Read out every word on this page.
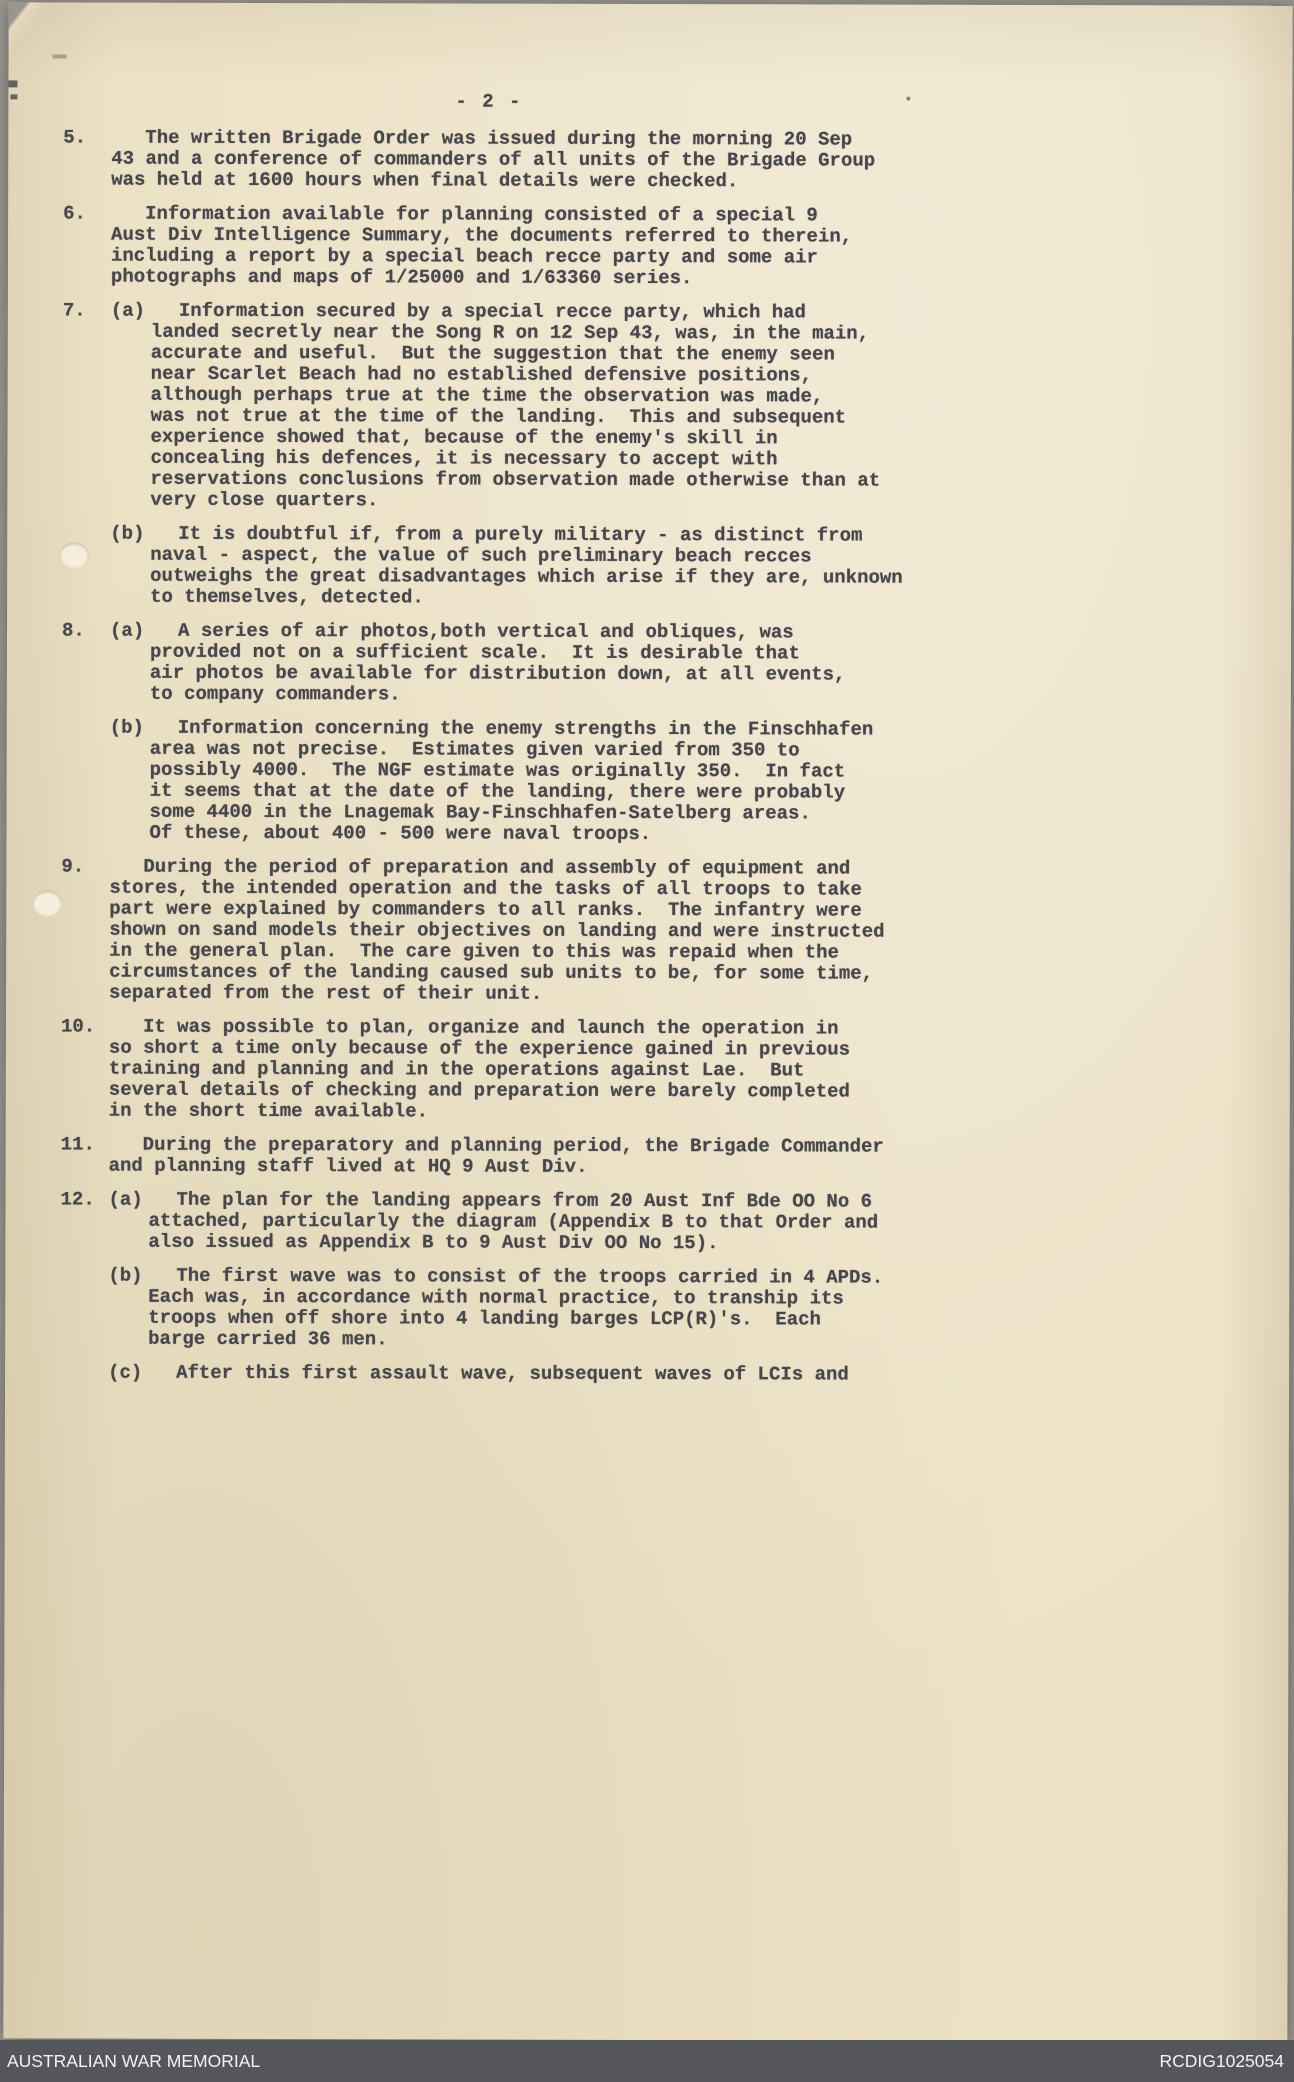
- 2 -
5.	The written Brigade Order was issued during the morning 20 Sep
43 and a conference of commanders of all units of the Brigade Group
was held at 1600 hours when final details were checked.
6.	Information available for planning consisted of a special 9
Aust Div Intelligence Summary, the documents referred to therein,
including a report by a special beach recce party and some air
photographs and maps of 1/25000 and 1/63360 series.
7.	(a)	Information secured by a special recce party, which had
landed secretly near the Song R on 12 Sep 43, was, in the main,
accurate and useful.  But the suggestion that the enemy seen
near Scarlet Beach had no established defensive positions,
although perhaps true at the time the observation was made,
was not true at the time of the landing.  This and subsequent
experience showed that, because of the enemy's skill in
concealing his defences, it is necessary to accept with
reservations conclusions from observation made otherwise than at
very close quarters.
(b)	It is doubtful if, from a purely military - as distinct from
naval - aspect, the value of such preliminary beach recces
outweighs the great disadvantages which arise if they are, unknown
to themselves, detected.
8.	(a)	A series of air photos,both vertical and obliques, was
provided not on a sufficient scale.  It is desirable that
air photos be available for distribution down, at all events,
to company commanders.
(b)	Information concerning the enemy strengths in the Finschhafen
area was not precise.  Estimates given varied from 350 to
possibly 4000.  The NGF estimate was originally 350.  In fact
it seems that at the date of the landing, there were probably
some 4400 in the Lnagemak Bay-Finschhafen-Satelberg areas.
Of these, about 400 - 500 were naval troops.
9.	During the period of preparation and assembly of equipment and
stores, the intended operation and the tasks of all troops to take
part were explained by commanders to all ranks.  The infantry were
shown on sand models their objectives on landing and were instructed
in the general plan.  The care given to this was repaid when the
circumstances of the landing caused sub units to be, for some time,
separated from the rest of their unit.
10.	It was possible to plan, organize and launch the operation in
so short a time only because of the experience gained in previous
training and planning and in the operations against Lae.  But
several details of checking and preparation were barely completed
in the short time available.
11.	During the preparatory and planning period, the Brigade Commander
and planning staff lived at HQ 9 Aust Div.
12. (a)	The plan for the landing appears from 20 Aust Inf Bde OO No 6
attached, particularly the diagram (Appendix B to that Order and
also issued as Appendix B to 9 Aust Div OO No 15).
(b)	The first wave was to consist of the troops carried in 4 APDs.
Each was, in accordance with normal practice, to tranship its
troops when off shore into 4 landing barges LCP(R)'s.  Each
barge carried 36 men.
(c)	After this first assault wave, subsequent waves of LCIs and
AUSTRALIAN WAR MEMORIAL	RCDIG1025054
